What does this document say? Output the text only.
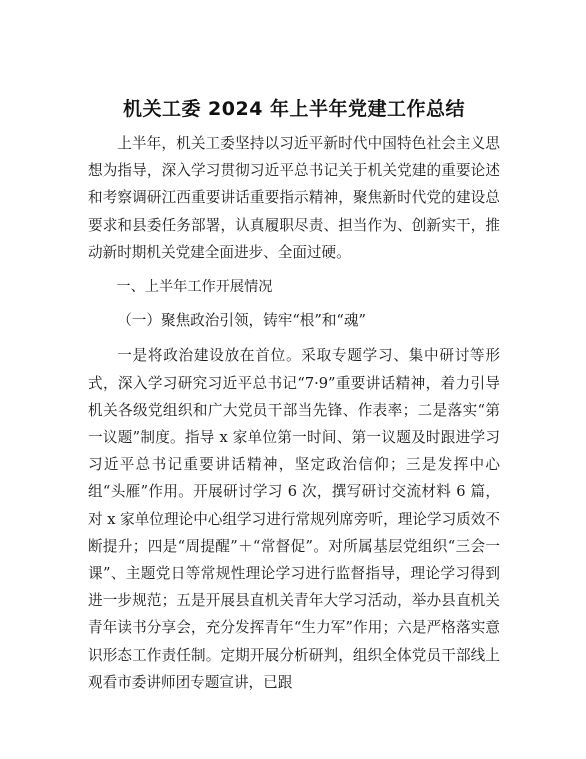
机关工委 2024 年上半年党建工作总结

上半年，机关工委坚持以习近平新时代中国特色社会主义思想为指导，深入学习贯彻习近平总书记关于机关党建的重要论述和考察调研江西重要讲话重要指示精神，聚焦新时代党的建设总要求和县委任务部署，认真履职尽责、担当作为、创新实干，推动新时期机关党建全面进步、全面过硬。

一、上半年工作开展情况

（一）聚焦政治引领，铸牢“根”和“魂”

一是将政治建设放在首位。采取专题学习、集中研讨等形式，深入学习研究习近平总书记“7·9”重要讲话精神，着力引导机关各级党组织和广大党员干部当先锋、作表率；二是落实“第一议题”制度。指导 x 家单位第一时间、第一议题及时跟进学习习近平总书记重要讲话精神，坚定政治信仰；三是发挥中心组“头雁”作用。开展研讨学习 6 次，撰写研讨交流材料 6 篇，对 x 家单位理论中心组学习进行常规列席旁听，理论学习质效不断提升；四是“周提醒”＋“常督促”。对所属基层党组织“三会一课”、主题党日等常规性理论学习进行监督指导，理论学习得到进一步规范；五是开展县直机关青年大学习活动，举办县直机关青年读书分享会，充分发挥青年“生力军”作用；六是严格落实意识形态工作责任制。定期开展分析研判，组织全体党员干部线上观看市委讲师团专题宣讲，已跟
